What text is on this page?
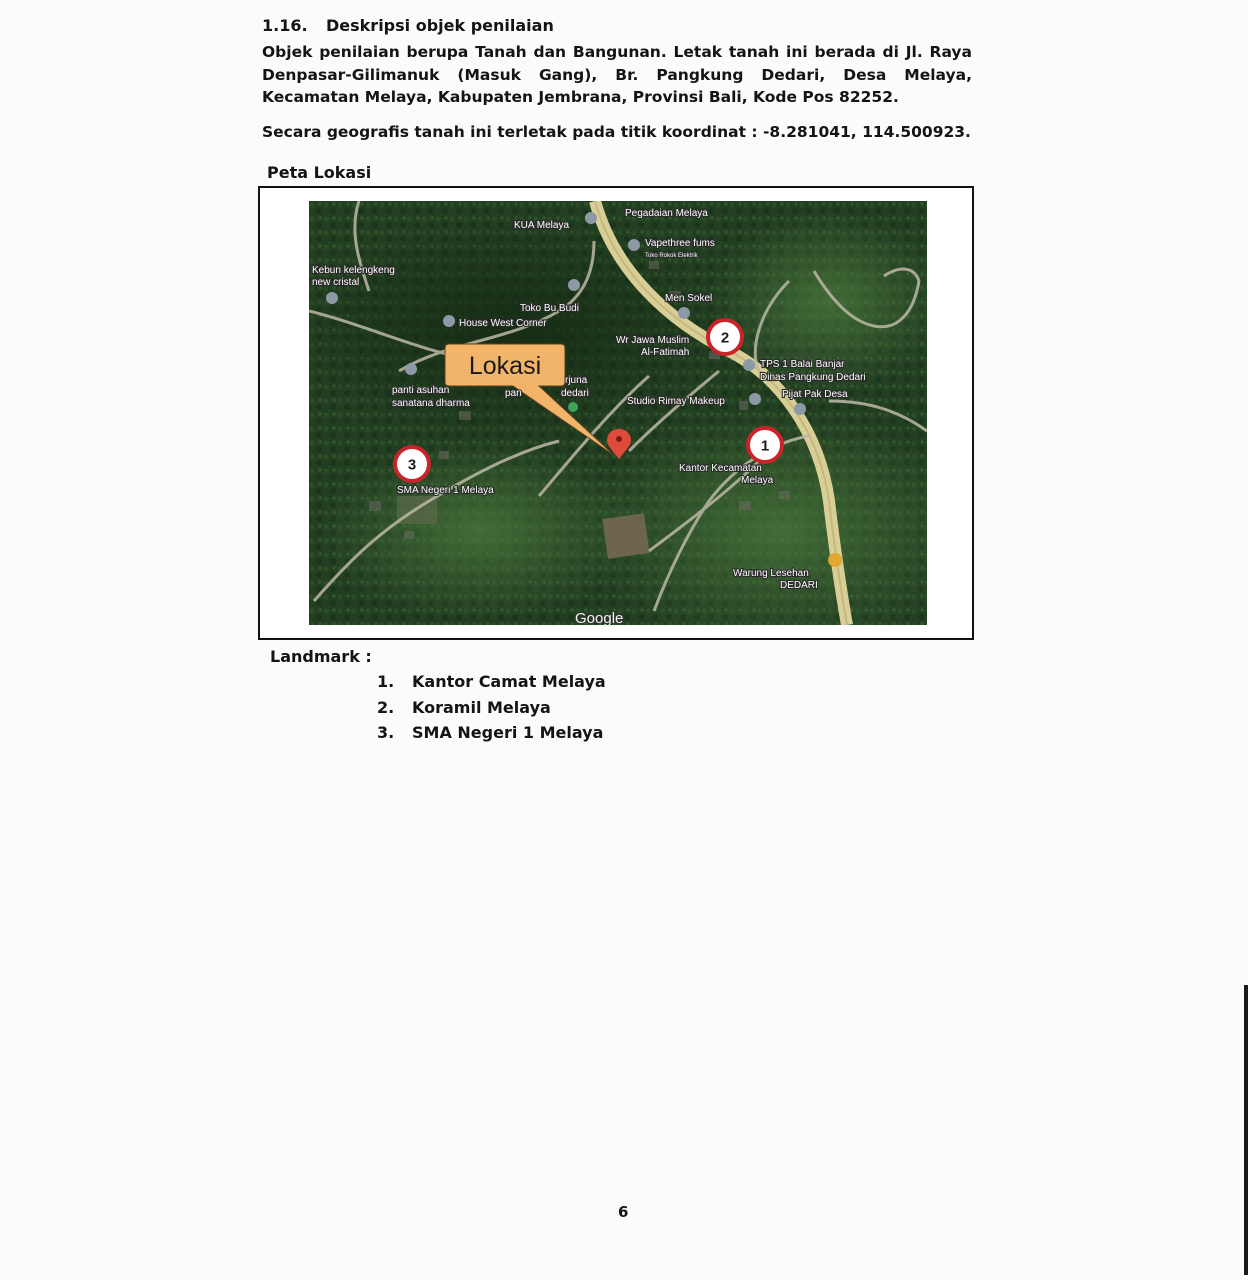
1.16. Deskripsi objek penilaian
Objek penilaian berupa Tanah dan Bangunan. Letak tanah ini berada di Jl. Raya Denpasar-Gilimanuk (Masuk Gang), Br. Pangkung Dedari, Desa Melaya, Kecamatan Melaya, Kabupaten Jembrana, Provinsi Bali, Kode Pos 82252.
Secara geografis tanah ini terletak pada titik koordinat : -8.281041, 114.500923.
Peta Lokasi
Lokasi
Pegadaian Melaya
KUA Melaya
Vapethree fums
Toko Rokok Elektrik
Kebun kelengkeng
new cristal
Men Sokel
Toko Bu Budi
House West Corner
Wr Jawa Muslim
Al-Fatimah
TPS 1 Balai Banjar
Dinas Pangkung Dedari
panti asuhan
sanatana dharma
pan
rjuna
dedari
Studio Rimay Makeup
Pijat Pak Desa
Kantor Kecamatan
Melaya
SMA Negeri 1 Melaya
Warung Lesehan
DEDARI
2
1
3
Google
Landmark :
1. Kantor Camat Melaya
2. Koramil Melaya
3. SMA Negeri 1 Melaya
6
